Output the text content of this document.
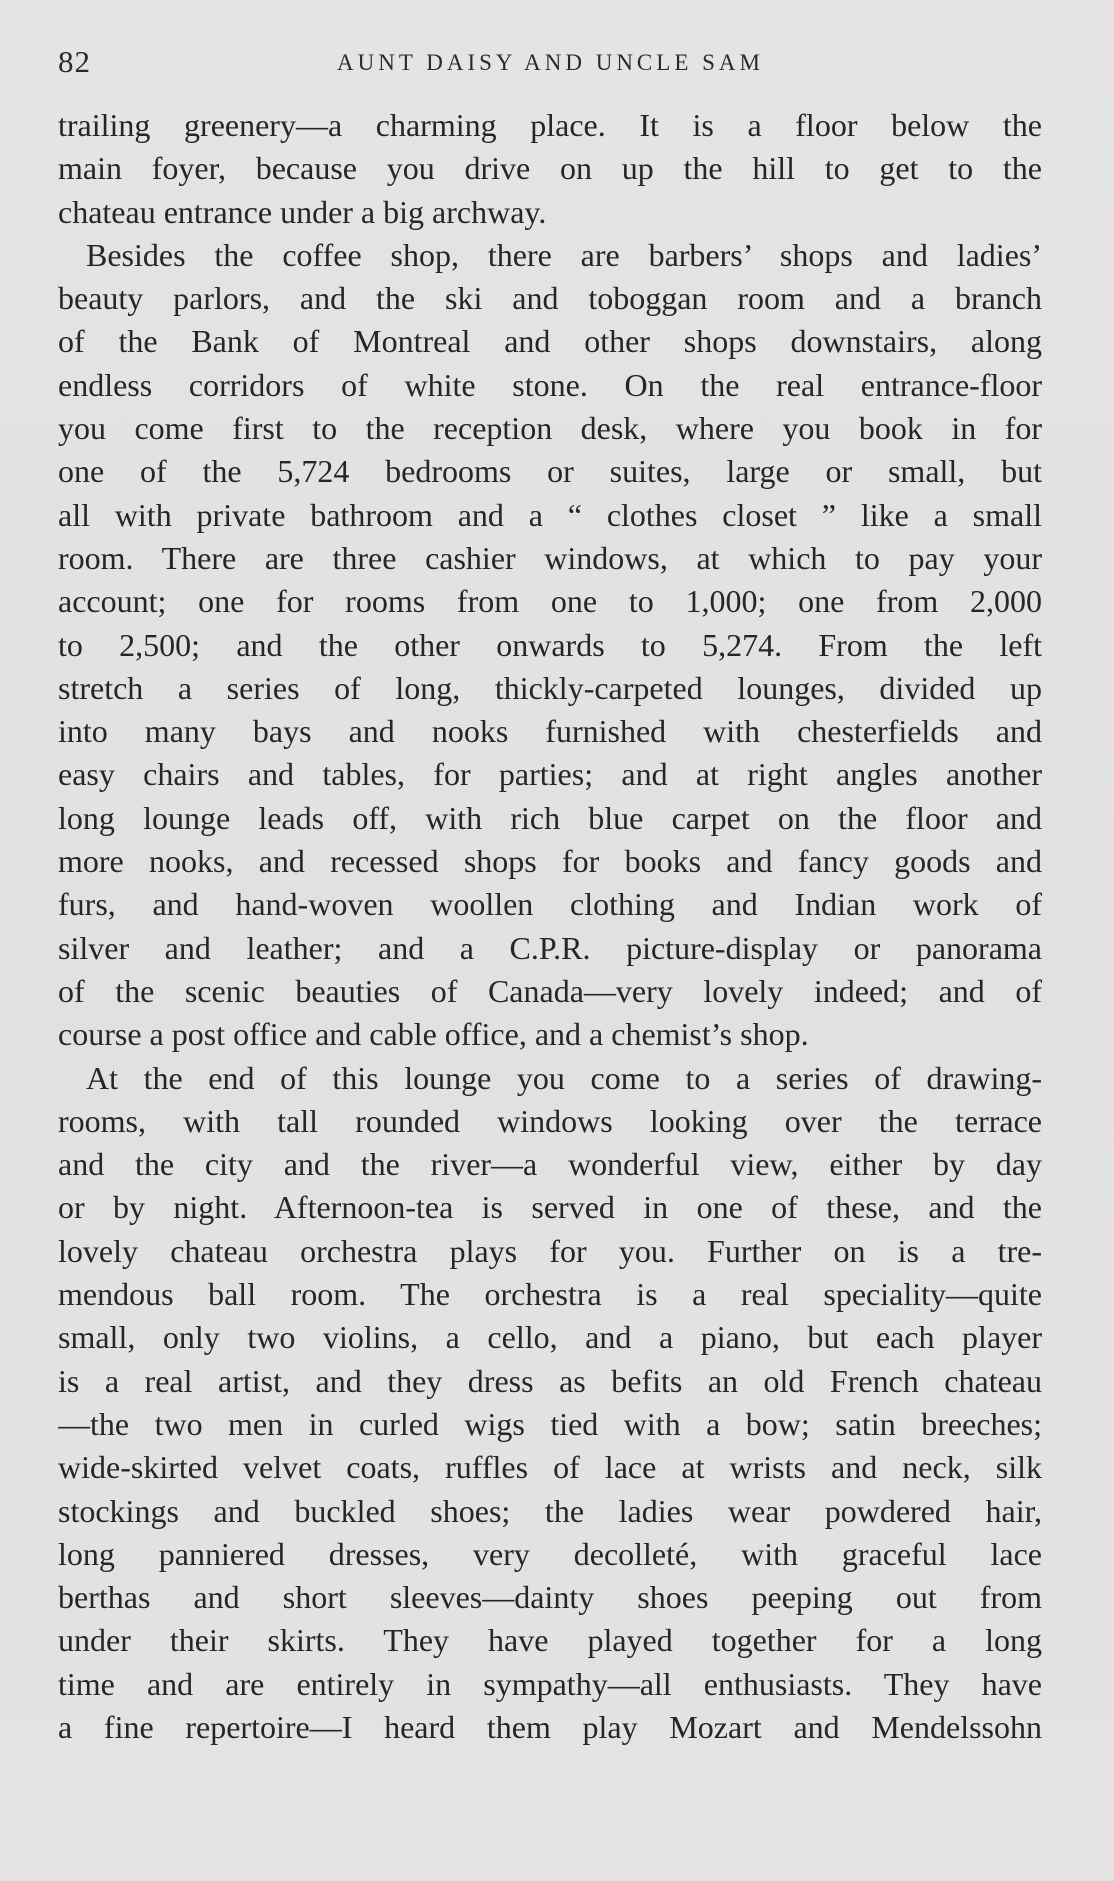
82	AUNT DAISY AND UNCLE SAM
trailing greenery—a charming place. It is a floor below the
main foyer, because you drive on up the hill to get to the
chateau entrance under a big archway.
Besides the coffee shop, there are barbers’ shops and ladies’
beauty parlors, and the ski and toboggan room and a branch
of the Bank of Montreal and other shops downstairs, along
endless corridors of white stone. On the real entrance-floor
you come first to the reception desk, where you book in for
one of the 5,724 bedrooms or suites, large or small, but
all with private bathroom and a “ clothes closet ” like a small
room. There are three cashier windows, at which to pay your
account; one for rooms from one to 1,000; one from 2,000
to 2,500; and the other onwards to 5,274. From the left
stretch a series of long, thickly-carpeted lounges, divided up
into many bays and nooks furnished with chesterfields and
easy chairs and tables, for parties; and at right angles another
long lounge leads off, with rich blue carpet on the floor and
more nooks, and recessed shops for books and fancy goods and
furs, and hand-woven woollen clothing and Indian work of
silver and leather; and a C.P.R. picture-display or panorama
of the scenic beauties of Canada—very lovely indeed; and of
course a post office and cable office, and a chemist’s shop.
At the end of this lounge you come to a series of drawing-
rooms, with tall rounded windows looking over the terrace
and the city and the river—a wonderful view, either by day
or by night. Afternoon-tea is served in one of these, and the
lovely chateau orchestra plays for you. Further on is a tre-
mendous ball room. The orchestra is a real speciality—quite
small, only two violins, a cello, and a piano, but each player
is a real artist, and they dress as befits an old French chateau
—the two men in curled wigs tied with a bow; satin breeches;
wide-skirted velvet coats, ruffles of lace at wrists and neck, silk
stockings and buckled shoes; the ladies wear powdered hair,
long panniered dresses, very decolleté, with graceful lace
berthas and short sleeves—dainty shoes peeping out from
under their skirts. They have played together for a long
time and are entirely in sympathy—all enthusiasts. They have
a fine repertoire—I heard them play Mozart and Mendelssohn
